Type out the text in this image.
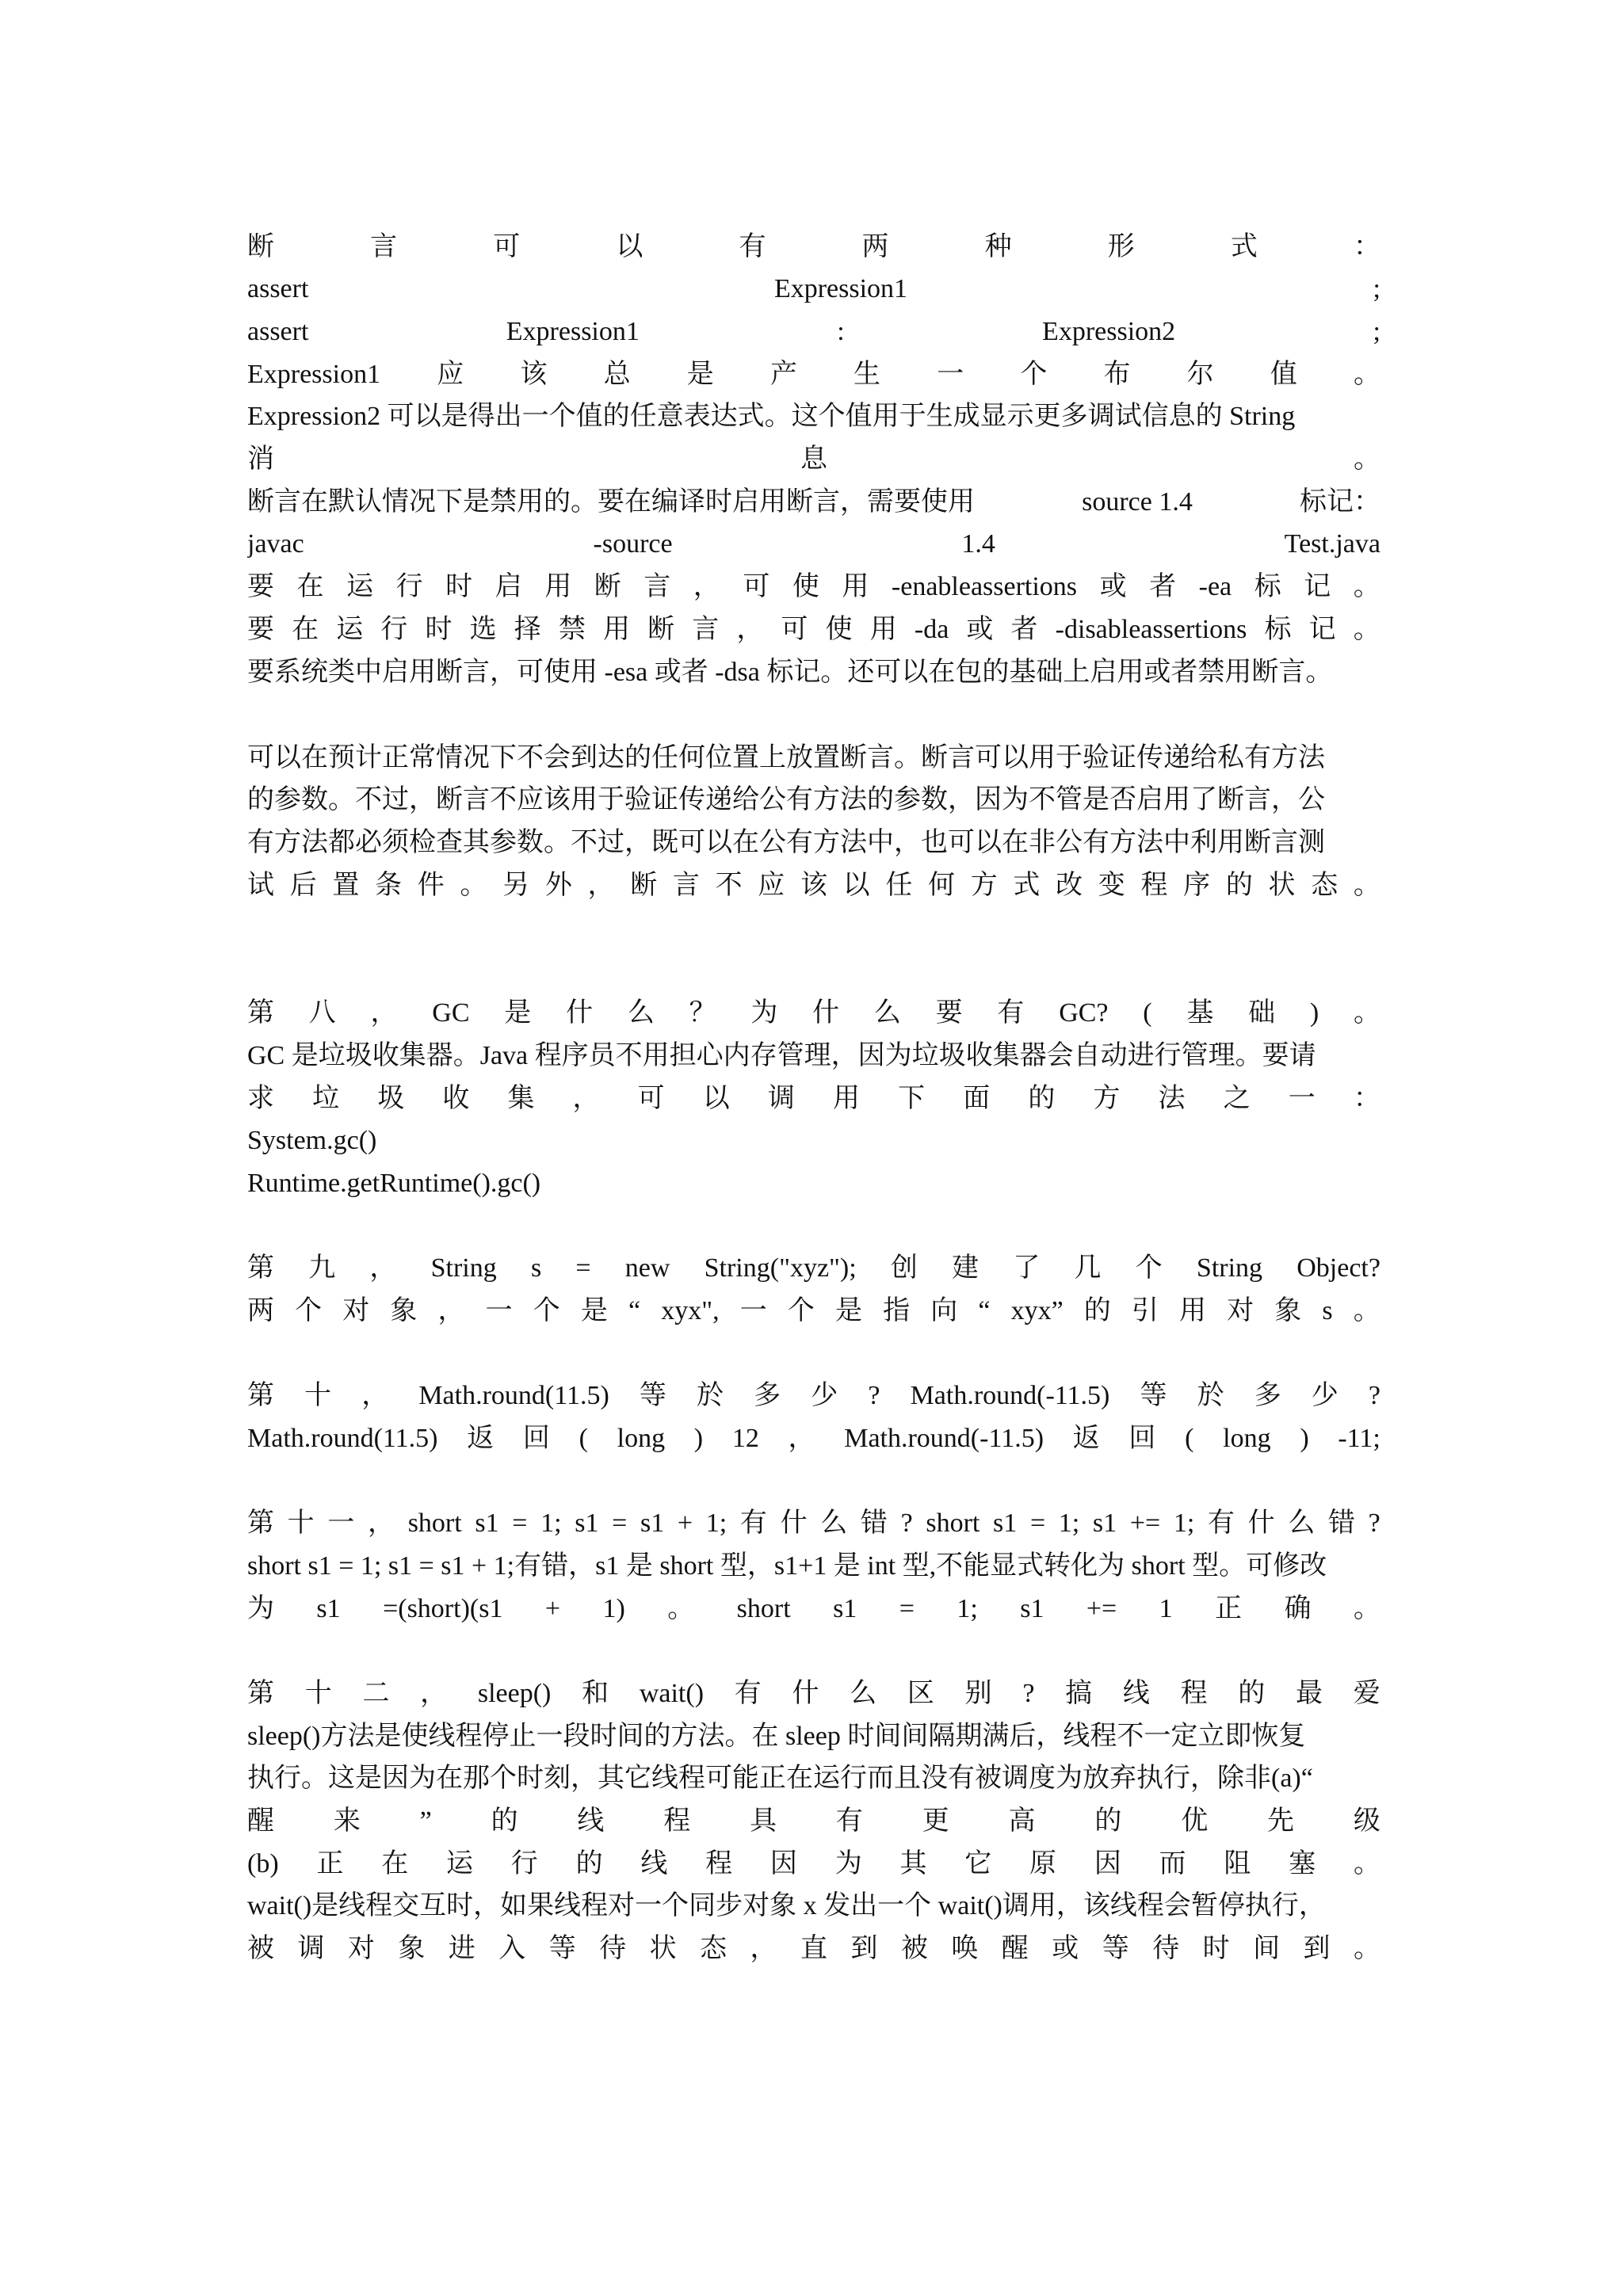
断	言	可	以	有	两	种	形	式	：
assert	Expression1	;
assert	Expression1	:	Expression2	;
Expression1 应 该 总 是 产 生 一 个 布 尔 值 。
Expression2 可以是得出一个值的任意表达式。这个值用于生成显示更多调试信息的 String
消	息	。
断言在默认情况下是禁用的。要在编译时启用断言，需要使用	source 1.4	标记：
javac	-source	1.4	Test.java
要 在 运 行 时 启 用 断 言 ， 可 使 用 -enableassertions 或 者 -ea 标 记 。
要 在 运 行 时 选 择 禁 用 断 言 ， 可 使 用 -da 或 者 -disableassertions 标 记 。
要系统类中启用断言，可使用 -esa 或者 -dsa 标记。还可以在包的基础上启用或者禁用断言。
可以在预计正常情况下不会到达的任何位置上放置断言。断言可以用于验证传递给私有方法
的参数。不过，断言不应该用于验证传递给公有方法的参数，因为不管是否启用了断言，公
有方法都必须检查其参数。不过，既可以在公有方法中，也可以在非公有方法中利用断言测
试 后 置 条 件 。 另 外 ， 断 言 不 应 该 以 任 何 方 式 改 变 程 序 的 状 态 。
第 八 ， GC 是 什 么 ？ 为 什 么 要 有 GC? ( 基 础 ) 。
GC 是垃圾收集器。Java 程序员不用担心内存管理，因为垃圾收集器会自动进行管理。要请
求 垃 圾 收 集 ， 可 以 调 用 下 面 的 方 法 之 一 ：
System.gc()
Runtime.getRuntime().gc()
第 九 ， String s = new String("xyz"); 创 建 了 几 个 String Object?
两 个 对 象 ， 一 个 是 “ xyx", 一 个 是 指 向 “ xyx” 的 引 用 对 象 s 。
第 十 ， Math.round(11.5) 等 於 多 少 ? Math.round(-11.5) 等 於 多 少 ?
Math.round(11.5) 返 回 ( long ) 12 ， Math.round(-11.5) 返 回 ( long ) -11;
第 十 一 ， short s1 = 1; s1 = s1 + 1; 有 什 么 错 ? short s1 = 1; s1 += 1; 有 什 么 错 ?
short s1 = 1; s1 = s1 + 1;有错，s1 是 short 型，s1+1 是 int 型,不能显式转化为 short 型。可修改
为 s1 =(short)(s1 + 1) 。 short s1 = 1; s1 += 1 正 确 。
第 十 二 ， sleep() 和 wait() 有 什 么 区 别 ? 搞 线 程 的 最 爱
sleep()方法是使线程停止一段时间的方法。在 sleep 时间间隔期满后，线程不一定立即恢复
执行。这是因为在那个时刻，其它线程可能正在运行而且没有被调度为放弃执行，除非(a)“
醒 来 ” 的 线 程 具 有 更 高 的 优 先 级
(b) 正 在 运 行 的 线 程 因 为 其 它 原 因 而 阻 塞 。
wait()是线程交互时，如果线程对一个同步对象 x 发出一个 wait()调用，该线程会暂停执行，
被 调 对 象 进 入 等 待 状 态 ， 直 到 被 唤 醒 或 等 待 时 间 到 。
